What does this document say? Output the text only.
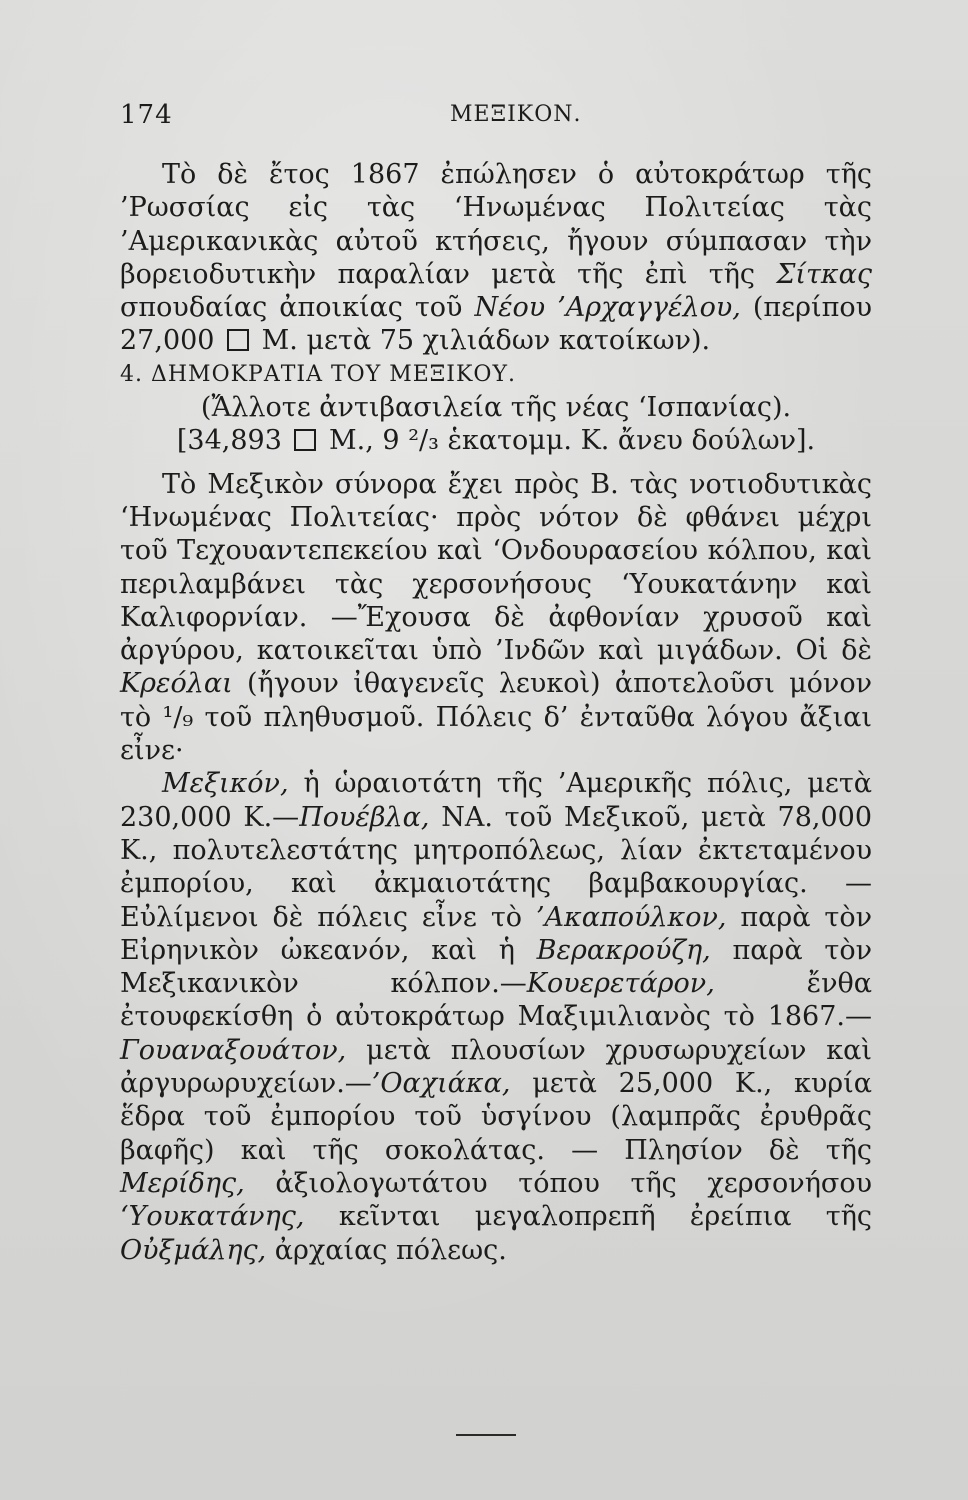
174	ΜΕΞΙΚΟΝ.

Τὸ δὲ ἔτος 1867 ἐπώλησεν ὁ αὐτοκράτωρ τῆς ’Ρωσσίας εἰς τὰς ‘Ηνωμένας Πολιτείας τὰς ’Αμερικανικὰς αὐτοῦ κτήσεις, ἤγουν σύμπασαν τὴν βορειοδυτικὴν παραλίαν μετὰ τῆς ἐπὶ τῆς Σίτκας σπουδαίας ἀποικίας τοῦ Νέου ’Αρχαγγέλου, (περίπου 27,000  Μ. μετὰ 75 χιλιάδων κατοίκων).

4. ΔΗΜΟΚΡΑΤΙΑ ΤΟΥ ΜΕΞΙΚΟΥ.

(Ἄλλοτε ἀντιβασιλεία τῆς νέας ‘Ισπανίας).

[34,893  Μ., 9 ²/₃ ἑκατομμ. Κ. ἄνευ δούλων].

Τὸ Μεξικὸν σύνορα ἔχει πρὸς Β. τὰς νοτιοδυτικὰς ‘Ηνωμένας Πολιτείας· πρὸς νότον δὲ φθάνει μέχρι τοῦ Τεχουαντεπεκείου καὶ ‘Ονδουρασείου κόλπου, καὶ περιλαμβάνει τὰς χερσονήσους ‘Υουκατάνην καὶ Καλιφορνίαν. —Ἔχουσα δὲ ἀφθονίαν χρυσοῦ καὶ ἀργύρου, κατοικεῖται ὑπὸ ’Ινδῶν καὶ μιγάδων. Οἱ δὲ Κρεόλαι (ἤγουν ἰθαγενεῖς λευκοὶ) ἀποτελοῦσι μόνον τὸ ¹/₉ τοῦ πληθυσμοῦ. Πόλεις δ’ ἐνταῦθα λόγου ἄξιαι εἶνε·

Μεξικόν, ἡ ὡραιοτάτη τῆς ’Αμερικῆς πόλις, μετὰ 230,000 Κ.—Πουέβλα, ΝΑ. τοῦ Μεξικοῦ, μετὰ 78,000 Κ., πολυτελεστάτης μητροπόλεως, λίαν ἐκτεταμένου ἐμπορίου, καὶ ἀκμαιοτάτης βαμβακουργίας. — Εὐλίμενοι δὲ πόλεις εἶνε τὸ ’Ακαπούλκον, παρὰ τὸν Εἰρηνικὸν ὠκεανόν, καὶ ἡ Βερακρούζη, παρὰ τὸν Μεξικανικὸν κόλπον.—Κουερετάρον, ἔνθα ἐτουφεκίσθη ὁ αὐτοκράτωρ Μαξιμιλιανὸς τὸ 1867.—Γουαναξουάτον, μετὰ πλουσίων χρυσωρυχείων καὶ ἀργυρωρυχείων.—’Οαχιάκα, μετὰ 25,000 Κ., κυρία ἕδρα τοῦ ἐμπορίου τοῦ ὑσγίνου (λαμπρᾶς ἐρυθρᾶς βαφῆς) καὶ τῆς σοκολάτας. — Πλησίον δὲ τῆς Μερίδης, ἀξιολογωτάτου τόπου τῆς χερσονήσου ‘Υουκατάνης, κεῖνται μεγαλοπρεπῆ ἐρείπια τῆς Οὐξμάλης, ἀρχαίας πόλεως.
